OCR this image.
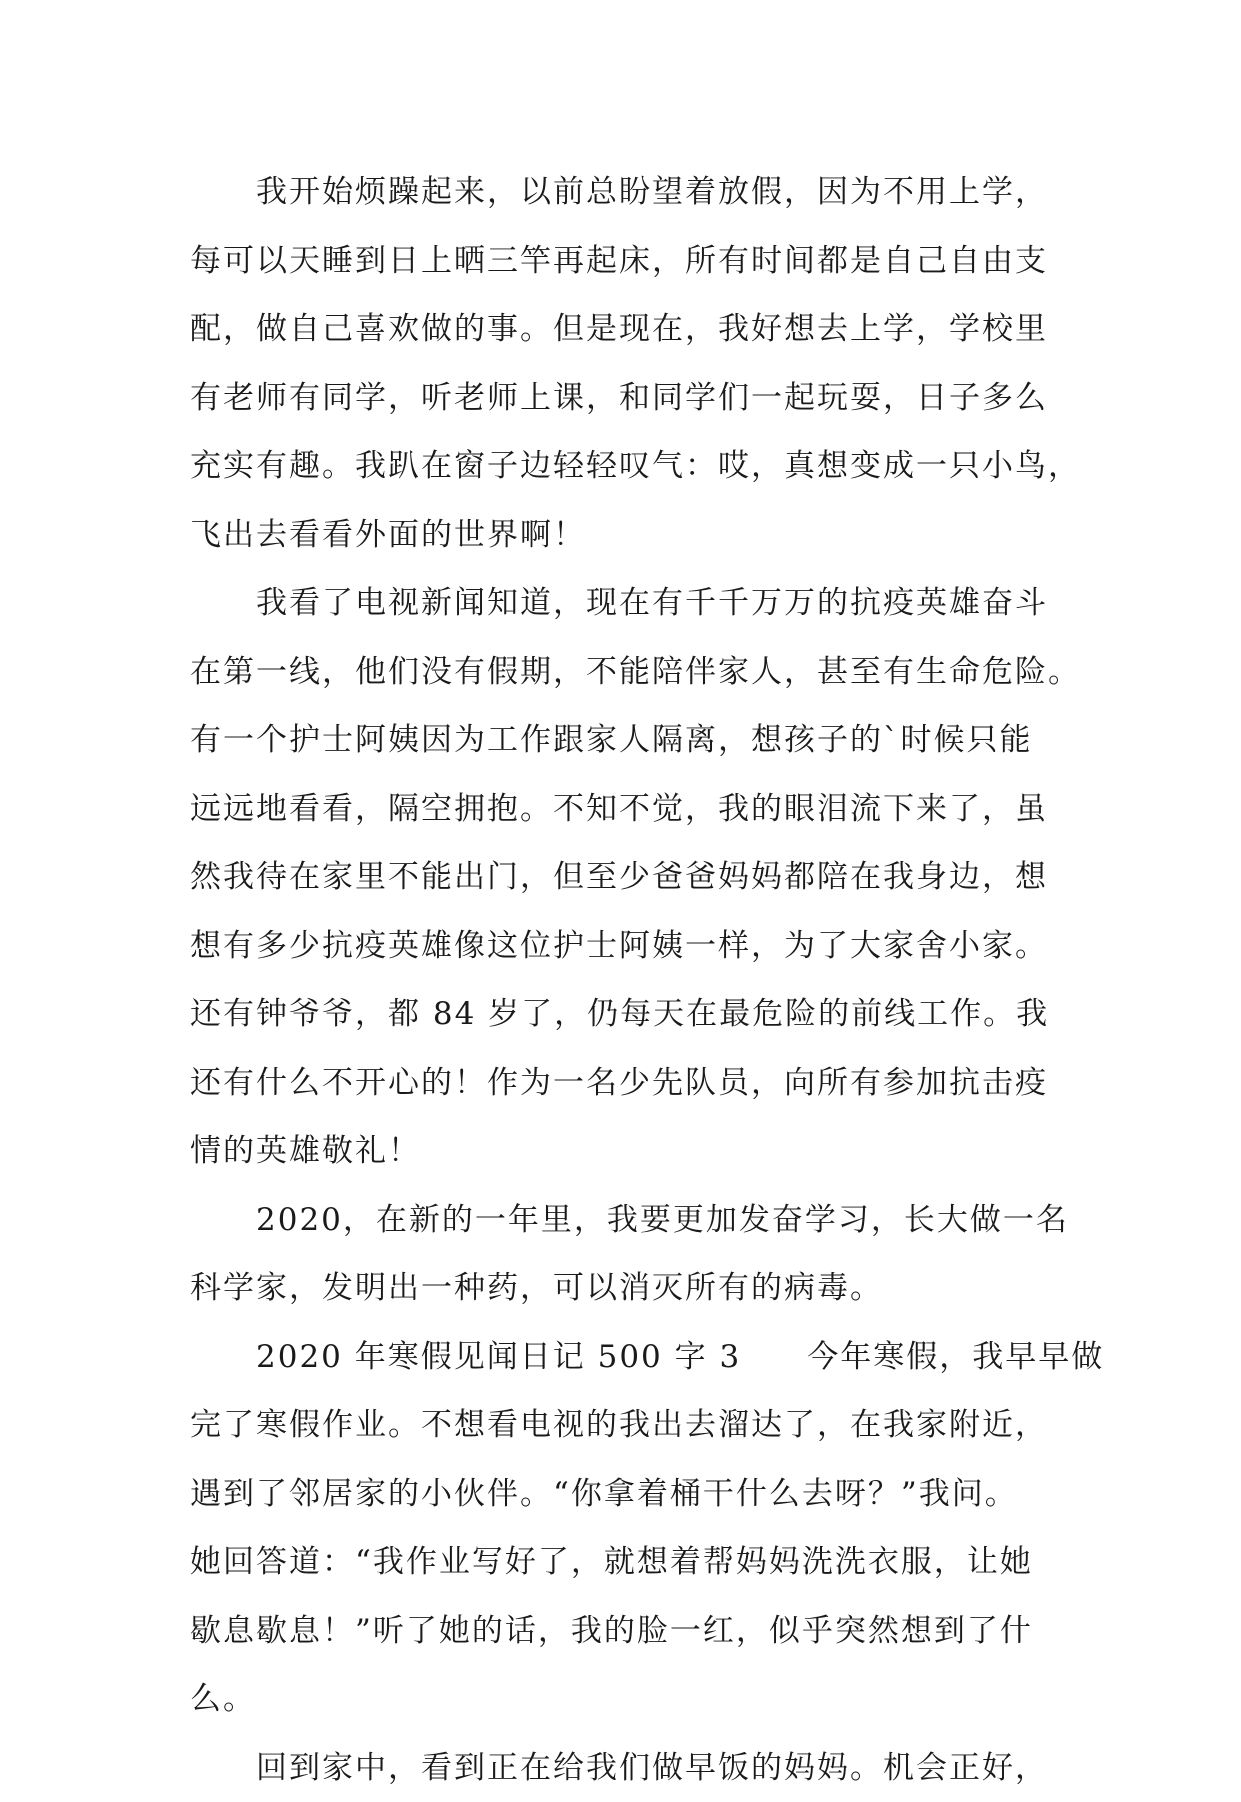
　　我开始烦躁起来，以前总盼望着放假，因为不用上学，
每可以天睡到日上晒三竿再起床，所有时间都是自己自由支
配，做自己喜欢做的事。但是现在，我好想去上学，学校里
有老师有同学，听老师上课，和同学们一起玩耍，日子多么
充实有趣。我趴在窗子边轻轻叹气：哎，真想变成一只小鸟，
飞出去看看外面的世界啊！
　　我看了电视新闻知道，现在有千千万万的抗疫英雄奋斗
在第一线，他们没有假期，不能陪伴家人，甚至有生命危险。
有一个护士阿姨因为工作跟家人隔离，想孩子的`时候只能
远远地看看，隔空拥抱。不知不觉，我的眼泪流下来了，虽
然我待在家里不能出门，但至少爸爸妈妈都陪在我身边，想
想有多少抗疫英雄像这位护士阿姨一样，为了大家舍小家。
还有钟爷爷，都 84 岁了，仍每天在最危险的前线工作。我
还有什么不开心的！作为一名少先队员，向所有参加抗击疫
情的英雄敬礼！
　　2020，在新的一年里，我要更加发奋学习，长大做一名
科学家，发明出一种药，可以消灭所有的病毒。
　　2020 年寒假见闻日记 500 字 3　　今年寒假，我早早做
完了寒假作业。不想看电视的我出去溜达了，在我家附近，
遇到了邻居家的小伙伴。“你拿着桶干什么去呀？”我问。
她回答道：“我作业写好了，就想着帮妈妈洗洗衣服，让她
歇息歇息！”听了她的话，我的脸一红，似乎突然想到了什
么。
　　回到家中，看到正在给我们做早饭的妈妈。机会正好，
